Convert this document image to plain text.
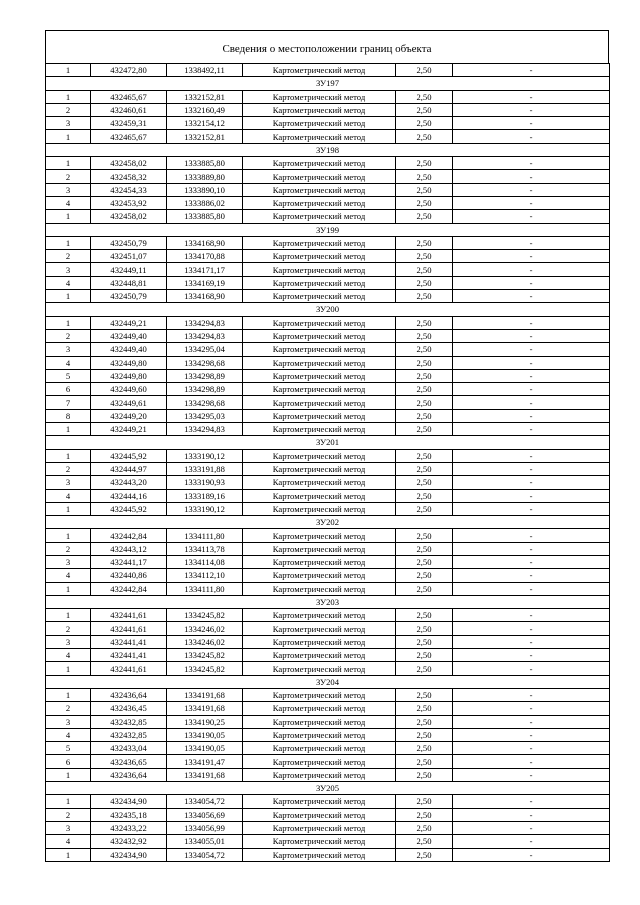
Сведения о местоположении границ объекта
1	432472,80	1338492,11	Картометрический метод	2,50	-
ЗУ197					
1	432465,67	1332152,81	Картометрический метод	2,50	-
2	432460,61	1332160,49	Картометрический метод	2,50	-
3	432459,31	1332154,12	Картометрический метод	2,50	-
1	432465,67	1332152,81	Картометрический метод	2,50	-
ЗУ198					
1	432458,02	1333885,80	Картометрический метод	2,50	-
2	432458,32	1333889,80	Картометрический метод	2,50	-
3	432454,33	1333890,10	Картометрический метод	2,50	-
4	432453,92	1333886,02	Картометрический метод	2,50	-
1	432458,02	1333885,80	Картометрический метод	2,50	-
ЗУ199					
1	432450,79	1334168,90	Картометрический метод	2,50	-
2	432451,07	1334170,88	Картометрический метод	2,50	-
3	432449,11	1334171,17	Картометрический метод	2,50	-
4	432448,81	1334169,19	Картометрический метод	2,50	-
1	432450,79	1334168,90	Картометрический метод	2,50	-
ЗУ200					
1	432449,21	1334294,83	Картометрический метод	2,50	-
2	432449,40	1334294,83	Картометрический метод	2,50	-
3	432449,40	1334295,04	Картометрический метод	2,50	-
4	432449,80	1334298,68	Картометрический метод	2,50	-
5	432449,80	1334298,89	Картометрический метод	2,50	-
6	432449,60	1334298,89	Картометрический метод	2,50	-
7	432449,61	1334298,68	Картометрический метод	2,50	-
8	432449,20	1334295,03	Картометрический метод	2,50	-
1	432449,21	1334294,83	Картометрический метод	2,50	-
ЗУ201					
1	432445,92	1333190,12	Картометрический метод	2,50	-
2	432444,97	1333191,88	Картометрический метод	2,50	-
3	432443,20	1333190,93	Картометрический метод	2,50	-
4	432444,16	1333189,16	Картометрический метод	2,50	-
1	432445,92	1333190,12	Картометрический метод	2,50	-
ЗУ202					
1	432442,84	1334111,80	Картометрический метод	2,50	-
2	432443,12	1334113,78	Картометрический метод	2,50	-
3	432441,17	1334114,08	Картометрический метод	2,50	-
4	432440,86	1334112,10	Картометрический метод	2,50	-
1	432442,84	1334111,80	Картометрический метод	2,50	-
ЗУ203					
1	432441,61	1334245,82	Картометрический метод	2,50	-
2	432441,61	1334246,02	Картометрический метод	2,50	-
3	432441,41	1334246,02	Картометрический метод	2,50	-
4	432441,41	1334245,82	Картометрический метод	2,50	-
1	432441,61	1334245,82	Картометрический метод	2,50	-
ЗУ204					
1	432436,64	1334191,68	Картометрический метод	2,50	-
2	432436,45	1334191,68	Картометрический метод	2,50	-
3	432432,85	1334190,25	Картометрический метод	2,50	-
4	432432,85	1334190,05	Картометрический метод	2,50	-
5	432433,04	1334190,05	Картометрический метод	2,50	-
6	432436,65	1334191,47	Картометрический метод	2,50	-
1	432436,64	1334191,68	Картометрический метод	2,50	-
ЗУ205					
1	432434,90	1334054,72	Картометрический метод	2,50	-
2	432435,18	1334056,69	Картометрический метод	2,50	-
3	432433,22	1334056,99	Картометрический метод	2,50	-
4	432432,92	1334055,01	Картометрический метод	2,50	-
1	432434,90	1334054,72	Картометрический метод	2,50	-
